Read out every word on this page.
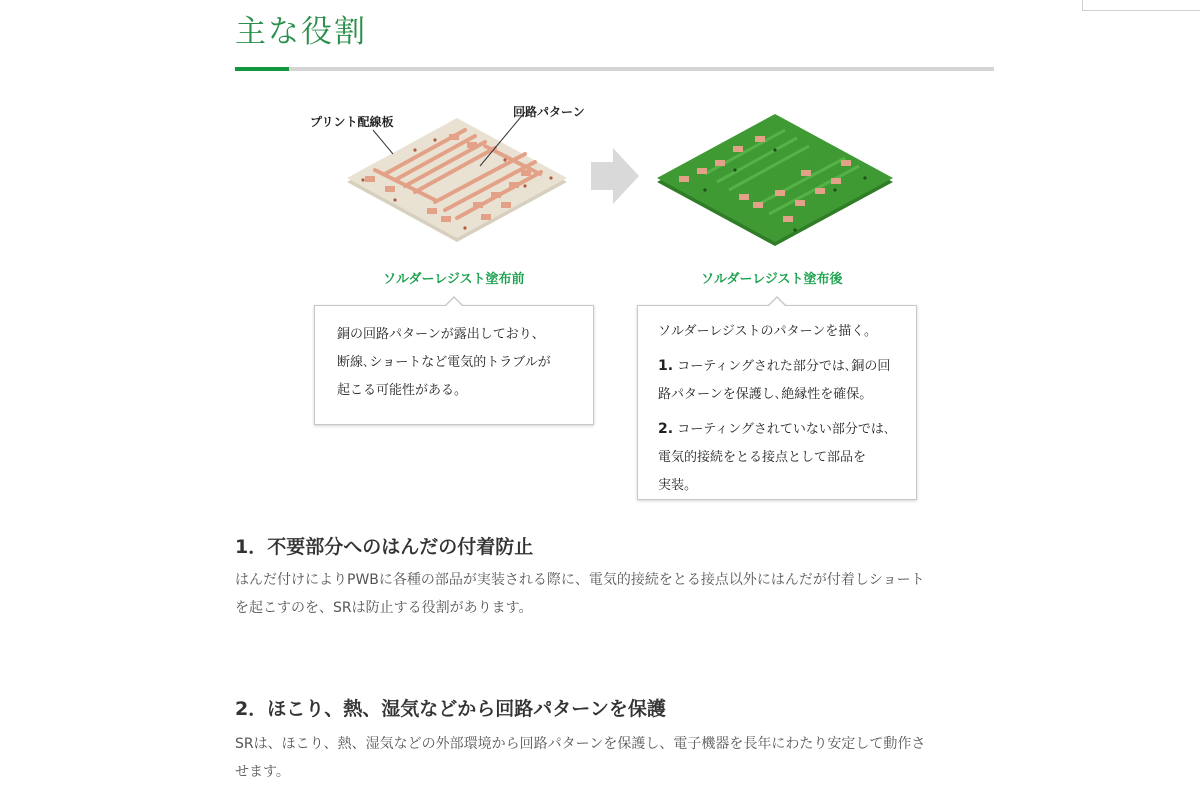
主な役割
プリント配線板
回路パターン
ソルダーレジスト塗布前	ソルダーレジスト塗布後

銅の回路パターンが露出しており、

断線､ショートなど電気的トラブルが

起こる可能性がある。

ソルダーレジストのパターンを描く。

1. コーティングされた部分では､銅の回

路パターンを保護し､絶縁性を確保。

2. コーティングされていない部分では､

電気的接続をとる接点として部品を

実装。

1．不要部分へのはんだの付着防止

はんだ付けによりPWBに各種の部品が実装される際に、電気的接続をとる接点以外にはんだが付着しショート

を起こすのを、SRは防止する役割があります。

2．ほこり、熱、湿気などから回路パターンを保護

SRは、ほこり、熱、湿気などの外部環境から回路パターンを保護し、電子機器を長年にわたり安定して動作さ

せます。
